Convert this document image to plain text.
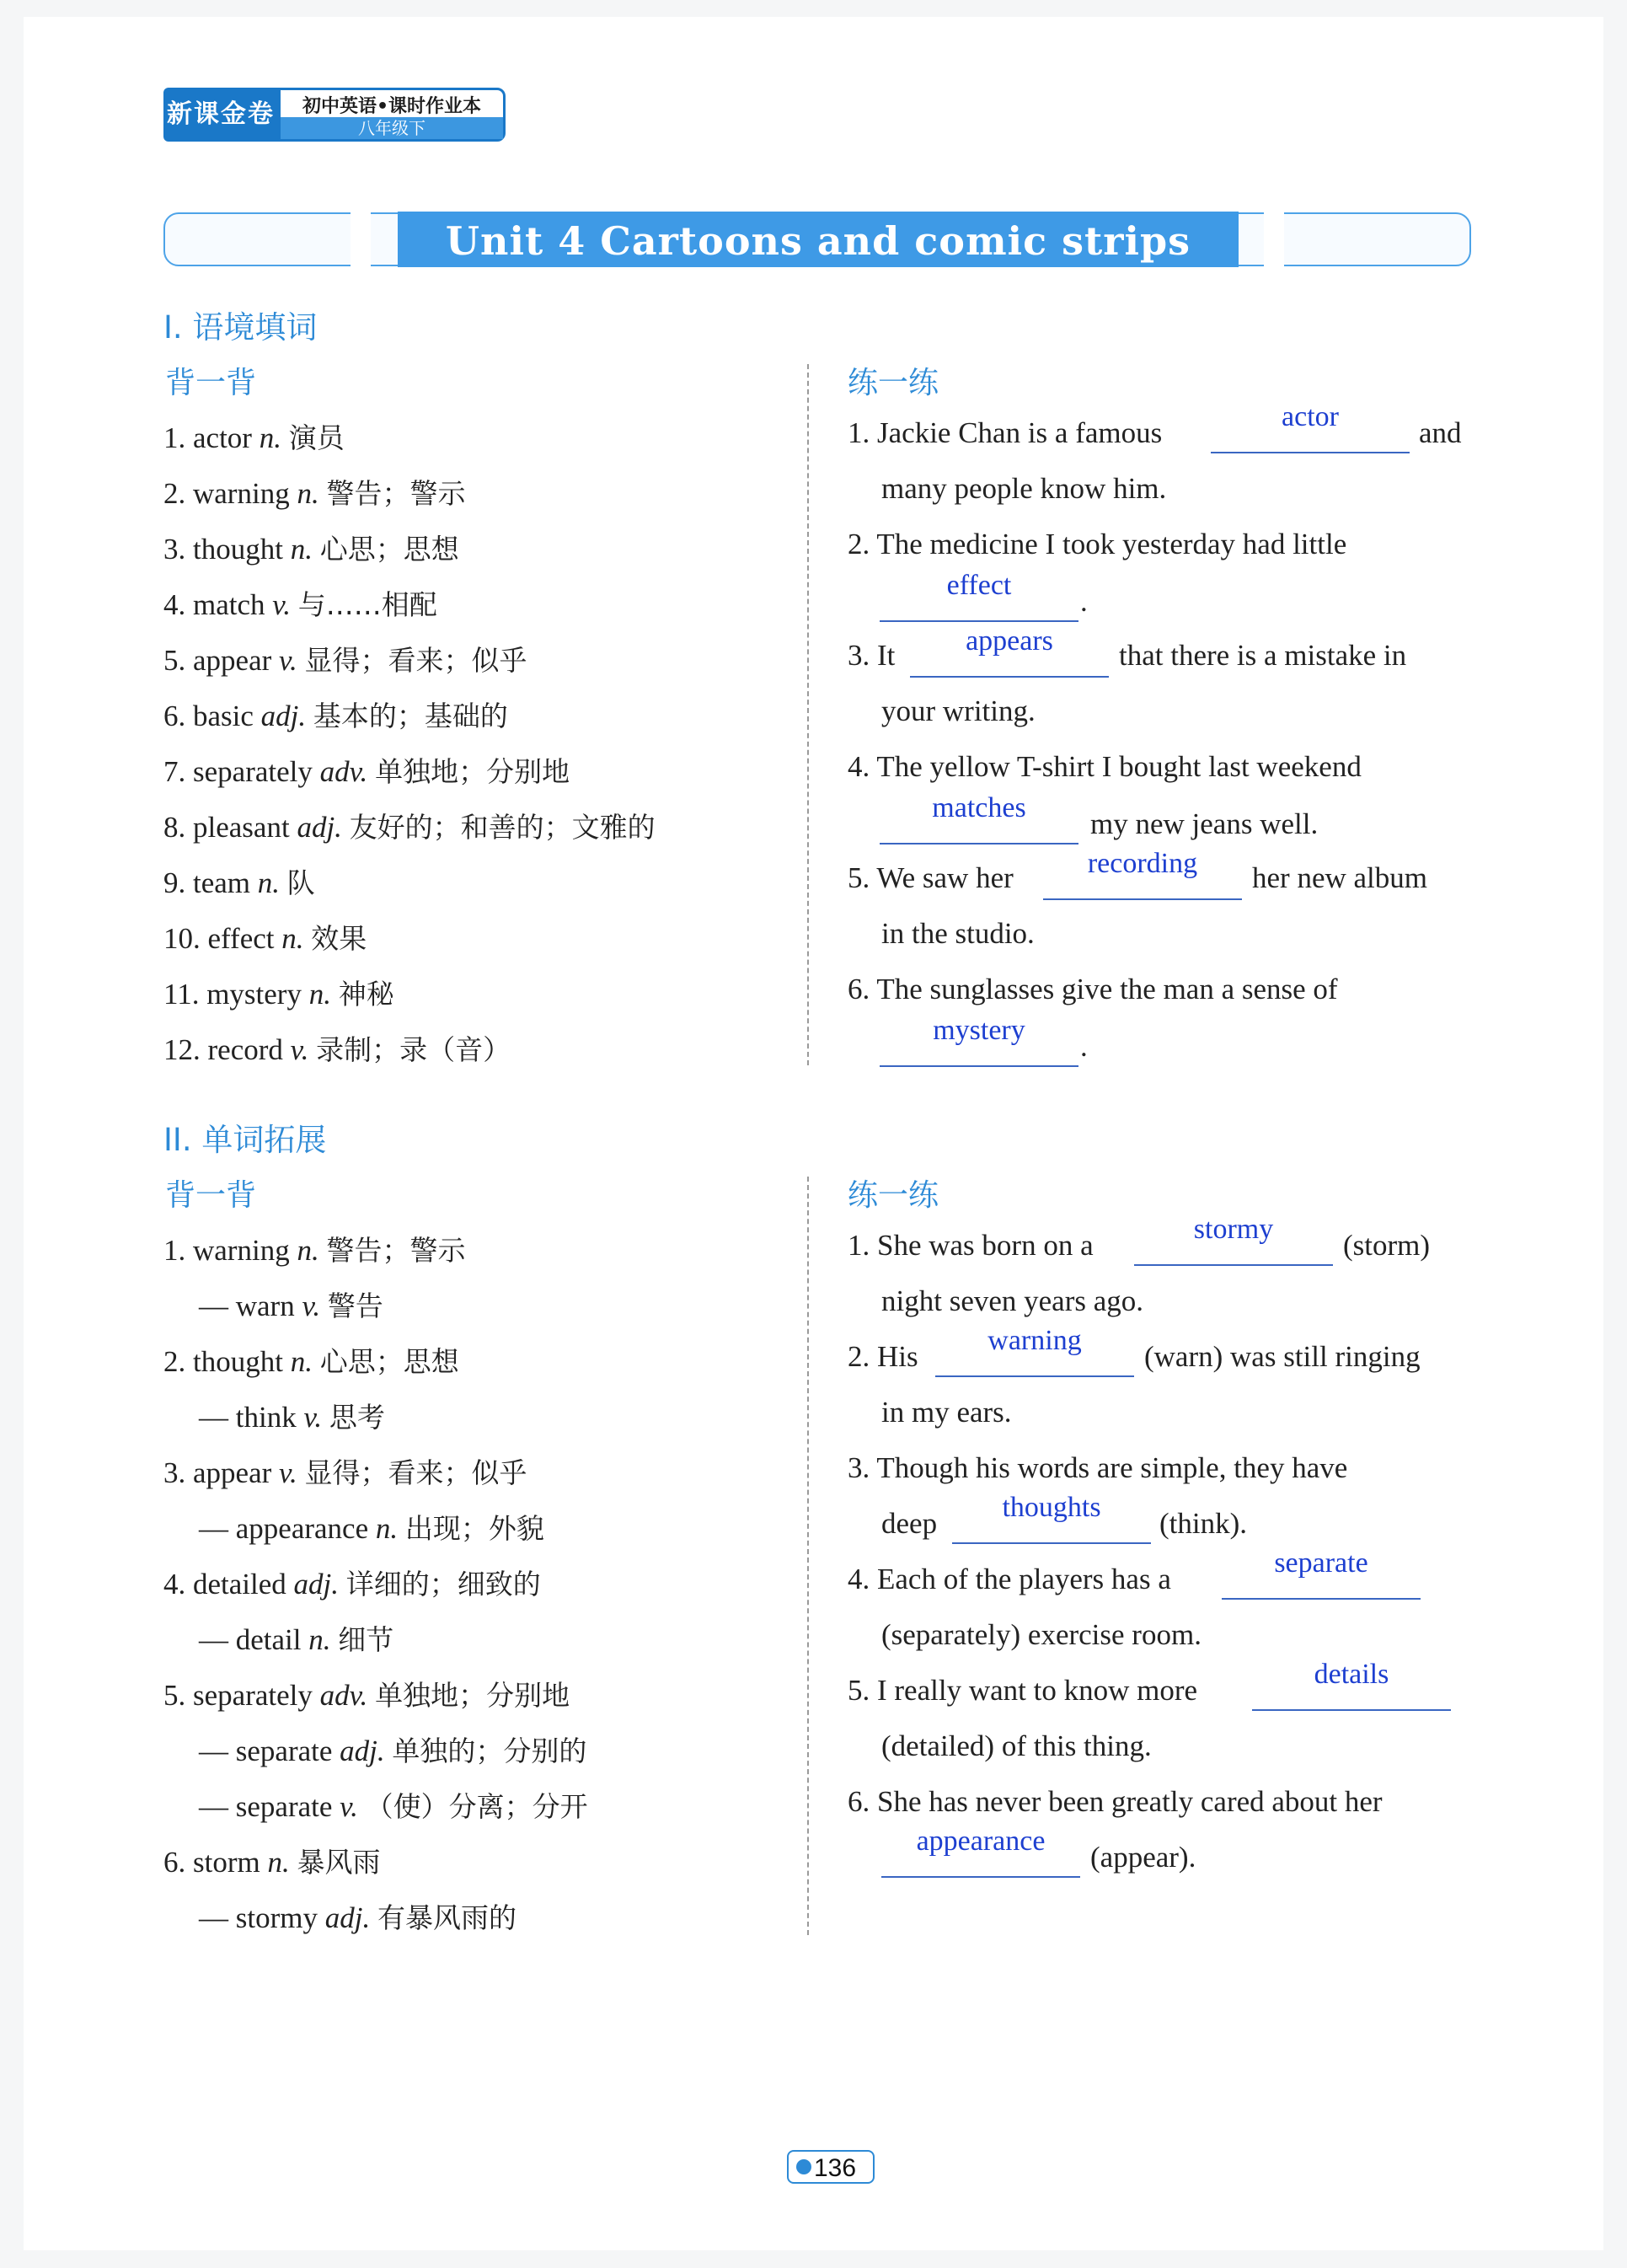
新课金卷	初中英语•课时作业本
八年级下
Unit 4 Cartoons and comic strips
I. 语境填词
背一背	练一练
1. actor n. 演员
2. warning n. 警告；警示
3. thought n. 心思；思想
4. match v. 与……相配
5. appear v. 显得；看来；似乎
6. basic adj. 基本的；基础的
7. separately adv. 单独地；分别地
8. pleasant adj. 友好的；和善的；文雅的
9. team n. 队
10. effect n. 效果
11. mystery n. 神秘
12. record v. 录制；录（音）
1. Jackie Chan is a famous	actor	and
many people know him.
2. The medicine I took yesterday had little
effect	.
3. It	appears	that there is a mistake in
your writing.
4. The yellow T-shirt I bought last weekend
matches	my new jeans well.
5. We saw her	recording	her new album
in the studio.
6. The sunglasses give the man a sense of
mystery	.
II. 单词拓展
背一背	练一练
1. warning n. 警告；警示
— warn v. 警告
2. thought n. 心思；思想
— think v. 思考
3. appear v. 显得；看来；似乎
— appearance n. 出现；外貌
4. detailed adj. 详细的；细致的
— detail n. 细节
5. separately adv. 单独地；分别地
— separate adj. 单独的；分别的
— separate v. （使）分离；分开
6. storm n. 暴风雨
— stormy adj. 有暴风雨的
1. She was born on a	stormy	(storm)
night seven years ago.
2. His	warning	(warn) was still ringing
in my ears.
3. Though his words are simple, they have
deep	thoughts	(think).
4. Each of the players has a	separate
(separately) exercise room.
5. I really want to know more	details
(detailed) of this thing.
6. She has never been greatly cared about her
appearance	(appear).
136
